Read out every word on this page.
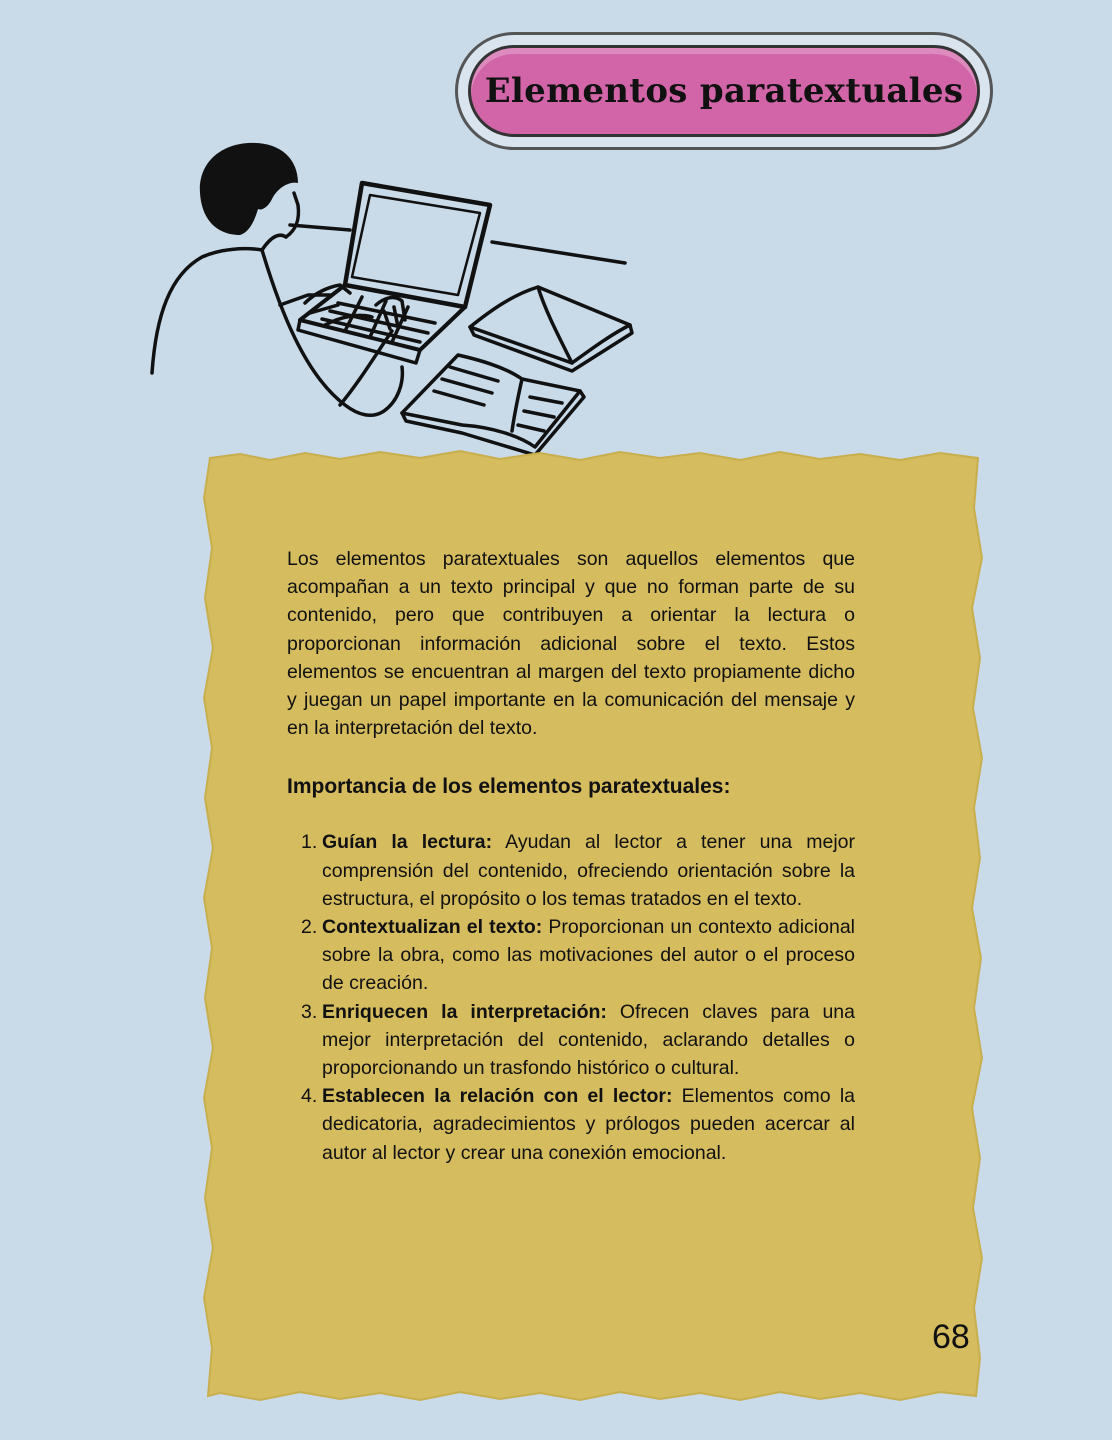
Elementos paratextuales

Los elementos paratextuales son aquellos elementos que acompañan a un texto principal y que no forman parte de su contenido, pero que contribuyen a orientar la lectura o proporcionan información adicional sobre el texto. Estos elementos se encuentran al margen del texto propiamente dicho y juegan un papel importante en la comunicación del mensaje y en la interpretación del texto.

Importancia de los elementos paratextuales:
1. Guían la lectura: Ayudan al lector a tener una mejor comprensión del contenido, ofreciendo orientación sobre la estructura, el propósito o los temas tratados en el texto.
2. Contextualizan el texto: Proporcionan un contexto adicional sobre la obra, como las motivaciones del autor o el proceso de creación.
3. Enriquecen la interpretación: Ofrecen claves para una mejor interpretación del contenido, aclarando detalles o proporcionando un trasfondo histórico o cultural.
4. Establecen la relación con el lector: Elementos como la dedicatoria, agradecimientos y prólogos pueden acercar al autor al lector y crear una conexión emocional.
68
